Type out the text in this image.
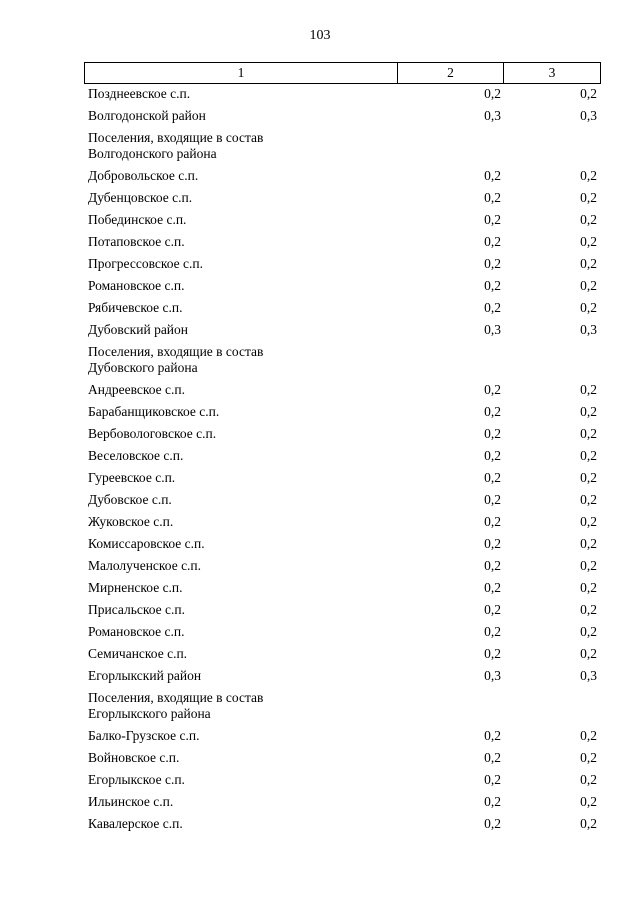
103
1	2	3
Позднеевское с.п.	0,2	0,2
Волгодонской район	0,3	0,3
Поселения, входящие в состав
Волгодонского района
Добровольское с.п.	0,2	0,2
Дубенцовское с.п.	0,2	0,2
Побединское с.п.	0,2	0,2
Потаповское с.п.	0,2	0,2
Прогрессовское с.п.	0,2	0,2
Романовское с.п.	0,2	0,2
Рябичевское с.п.	0,2	0,2
Дубовский район	0,3	0,3
Поселения, входящие в состав
Дубовского района
Андреевское с.п.	0,2	0,2
Барабанщиковское с.п.	0,2	0,2
Вербовологовское с.п.	0,2	0,2
Веселовское с.п.	0,2	0,2
Гуреевское с.п.	0,2	0,2
Дубовское с.п.	0,2	0,2
Жуковское с.п.	0,2	0,2
Комиссаровское с.п.	0,2	0,2
Малолученское с.п.	0,2	0,2
Мирненское с.п.	0,2	0,2
Присальское с.п.	0,2	0,2
Романовское с.п.	0,2	0,2
Семичанское с.п.	0,2	0,2
Егорлыкский район	0,3	0,3
Поселения, входящие в состав
Егорлыкского района
Балко-Грузское с.п.	0,2	0,2
Войновское с.п.	0,2	0,2
Егорлыкское с.п.	0,2	0,2
Ильинское с.п.	0,2	0,2
Кавалерское с.п.	0,2	0,2
